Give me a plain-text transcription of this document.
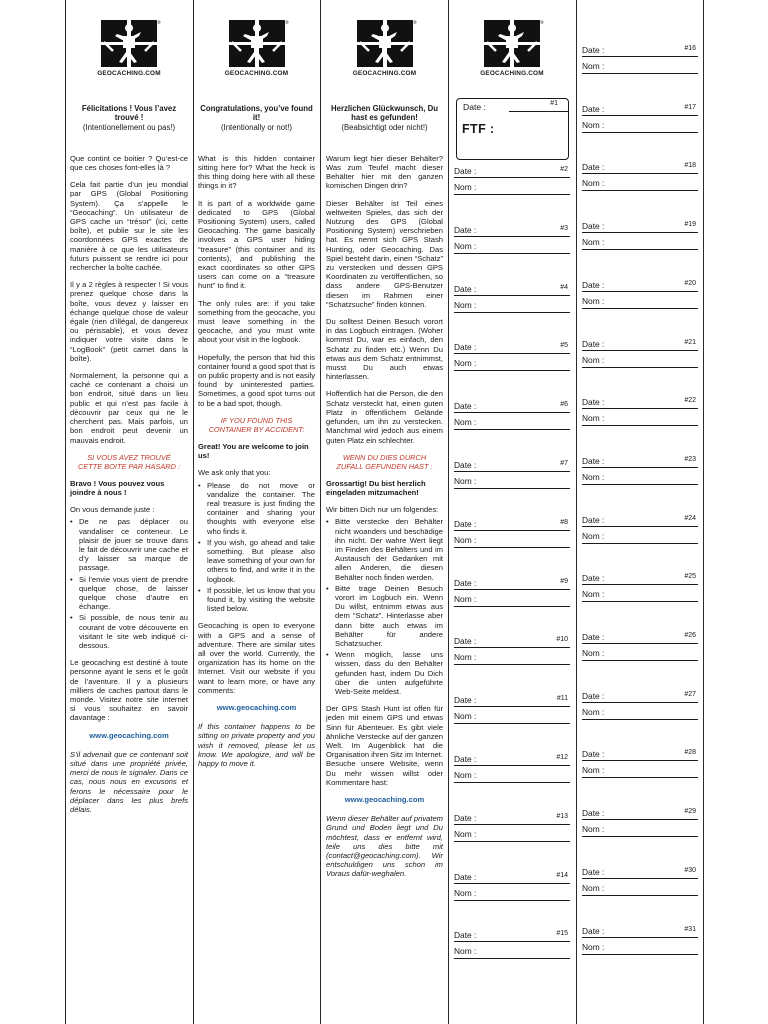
®
GEOCACHING.COM
Félicitations ! Vous l’avez trouvé !
(Intentionellement ou pas!)

Que contint ce boitier ? Qu’est-ce que ces choses font-elles là ?

Cela fait partie d’un jeu mondial par GPS (Global Positioning System). Ça s’appelle le “Geocaching”. Un utilisateur de GPS cache un “trésor” (ici, cette boîte), et publie sur le site les coordonnées GPS exactes de manière à ce que les utilisateurs futurs puissent se rendre ici pour rechercher la boîte cachée.

Il y a 2 règles à respecter ! Si vous prenez quelque chose dans la boîte, vous devez y laisser en échange quelque chose de valeur égale (rien d’illégal, de dangereux ou périssable), et vous devez indiquer votre visite dans le “LogBook” (petit carnet dans la boîte).

Normalement, la personne qui a caché ce contenant a choisi un bon endroit, situé dans un lieu public et qui n’est pas facile à découvrir par ceux qui ne le cherchent pas. Mais parfois, un bon endroit peut devenir un mauvais endroit.

SI VOUS AVEZ TROUVÉ CETTE BOITE PAR HASARD :

Bravo ! Vous pouvez vous joindre à nous !

On vous demande juste :

• De ne pas déplacer ou vandaliser ce conteneur. Le plaisir de jouer se trouve dans le fait de découvrir une cache et d’y laisser sa marque de passage.
• Si l’envie vous vient de prendre quelque chose, de laisser quelque chose d’autre en échange.
• Si possible, de nous tenir au courant de votre découverte en visitant le site web indiqué ci-dessous.

Le geocaching est destiné à toute personne ayant le sens et le goût de l’aventure. Il y a plusieurs milliers de caches partout dans le monde. Visitez notre site internet si vous souhaitez en savoir davantage :

www.geocaching.com

S’il advenait que ce contenant soit situé dans une propriété privée, merci de nous le signaler. Dans ce cas, nous nous en excusons et ferons le nécessaire pour le déplacer dans les plus brefs délais.

®
GEOCACHING.COM
Congratulations, you’ve found it!
(Intentionally or not!)

What is this hidden container sitting here for? What the heck is this thing doing here with all these things in it?

It is part of a worldwide game dedicated to GPS (Global Positioning System) users, called Geocaching. The game basically involves a GPS user hiding “treasure” (this container and its contents), and publishing the exact coordinates so other GPS users can come on a “treasure hunt” to find it.

The only rules are: if you take something from the geocache, you must leave something in the geocache, and you must write about your visit in the logbook.

Hopefully, the person that hid this container found a good spot that is on public property and is not easily found by uninterested parties. Sometimes, a good spot turns out to be a bad spot, though.

IF YOU FOUND THIS CONTAINER BY ACCIDENT:

Great! You are welcome to join us!

We ask only that you:

• Please do not move or vandalize the container. The real treasure is just finding the container and sharing your thoughts with everyone else who finds it.
• If you wish, go ahead and take something. But please also leave something of your own for others to find, and write it in the logbook.
• If possible, let us know that you found it, by visiting the website listed below.

Geocaching is open to everyone with a GPS and a sense of adventure. There are similar sites all over the world. Currently, the organization has its home on the Internet. Visit our website if you want to learn more, or have any comments:

www.geocaching.com

If this container happens to be sitting on private property and you wish it removed, please let us know. We apologize, and will be happy to move it.

®
GEOCACHING.COM
Herzlichen Glückwunsch, Du hast es gefunden!
(Beabsichtigt oder nicht!)

Warum liegt hier dieser Behälter? Was zum Teufel macht dieser Behälter hier mit den ganzen komischen Dingen drin?

Dieser Behälter ist Teil eines weltweiten Spieles, das sich der Nutzung des GPS (Global Positioning System) verschrieben hat. Es nennt sich GPS Stash Hunting, oder Geocaching. Das Spiel besteht darin, einen “Schatz” zu verstecken und dessen GPS Koordinaten zu veröffentlichen, so dass andere GPS-Benutzer diesen im Rahmen einer “Schatzsuche” finden können.

Du solltest Deinen Besuch vorort in das Logbuch eintragen. (Woher kommst Du, war es einfach, den Schatz zu finden etc.) Wenn Du etwas aus dem Schatz entnimmst, musst Du auch etwas hinterlassen.

Hoffentlich hat die Person, die den Schatz versteckt hat, einen guten Platz in öffentlichem Gelände gefunden, um ihn zu verstecken. Manchmal wird jedoch aus einem guten Platz ein schlechter.

WENN DU DIES DURCH ZUFALL GEFUNDEN HAST :

Grossartig! Du bist herzlich eingeladen mitzumachen!

Wir bitten Dich nur um folgendes:

• Bitte verstecke den Behälter nicht woanders und beschädige ihn nicht. Der wahre Wert liegt im Finden des Behälters und im Austausch der Gedanken mit allen Anderen, die diesen Behälter noch finden werden.
• Bitte trage Deinen Besuch vorort im Logbuch ein. Wenn Du willst, entnimm etwas aus dem “Schatz”. Hinterlasse aber dann bitte auch etwas im Behälter für andere Schatzsucher.
• Wenn möglich, lasse uns wissen, dass du den Behälter gefunden hast, indem Du Dich über die unten aufgeführte Web-Seite meldest.

Der GPS Stash Hunt ist offen für jeden mit einem GPS und etwas Sinn für Abenteuer. Es gibt viele ähnliche Verstecke auf der ganzen Welt. Im Augenblick hat die Organisation ihren Sitz im Internet. Besuche unsere Website, wenn Du mehr wissen willst oder Kommentare hast:

www.geocaching.com

Wenn dieser Behälter auf privatem Grund und Boden liegt und Du möchtest, dass er entfernt wird, teile uns dies bitte mit (contact@geocaching.com). Wir entschuldigen uns schon im Voraus dafür-weghalen.

®
GEOCACHING.COM
Date :	#1
FTF :
Date :	#2
Nom :
Date :	#3
Nom :
Date :	#4
Nom :
Date :	#5
Nom :
Date :	#6
Nom :
Date :	#7
Nom :
Date :	#8
Nom :
Date :	#9
Nom :
Date :	#10
Nom :
Date :	#11
Nom :
Date :	#12
Nom :
Date :	#13
Nom :
Date :	#14
Nom :
Date :	#15
Nom :
Date :	#16
Nom :
Date :	#17
Nom :
Date :	#18
Nom :
Date :	#19
Nom :
Date :	#20
Nom :
Date :	#21
Nom :
Date :	#22
Nom :
Date :	#23
Nom :
Date :	#24
Nom :
Date :	#25
Nom :
Date :	#26
Nom :
Date :	#27
Nom :
Date :	#28
Nom :
Date :	#29
Nom :
Date :	#30
Nom :
Date :	#31
Nom :
